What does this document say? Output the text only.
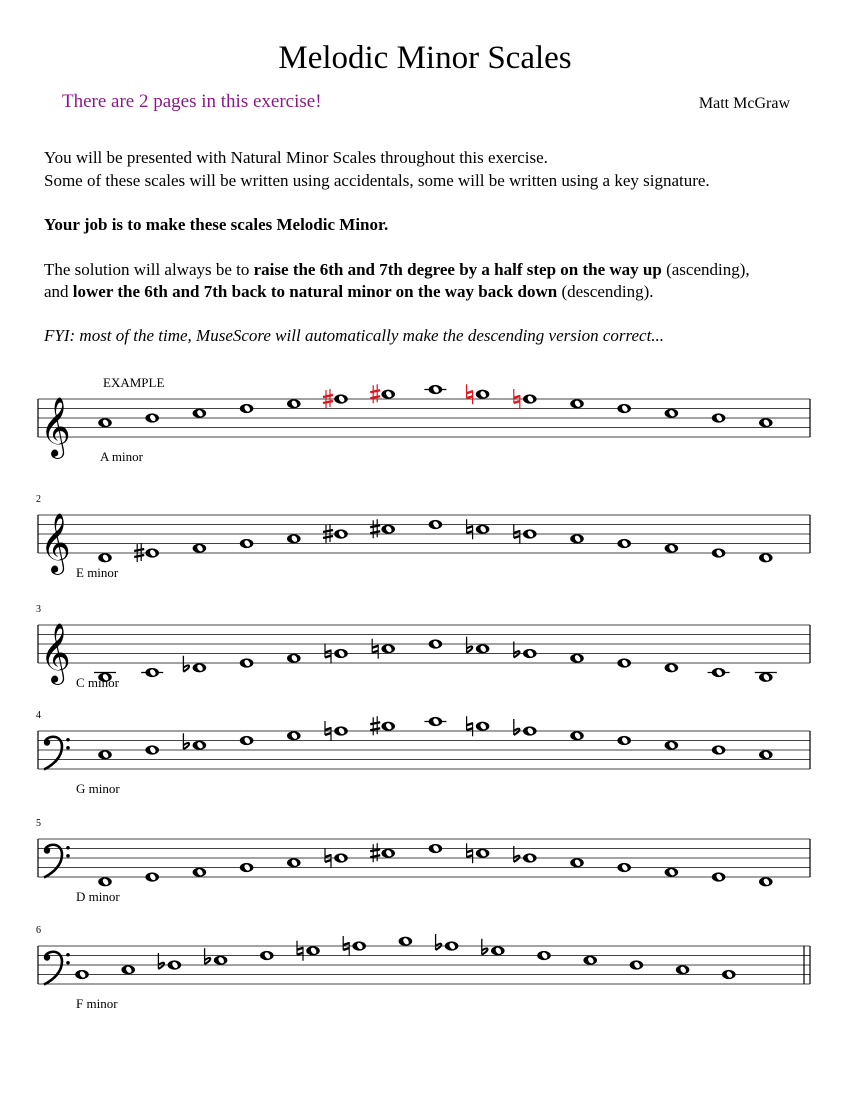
Melodic Minor Scales
There are 2 pages in this exercise!	Matt McGraw
You will be presented with Natural Minor Scales throughout this exercise.
Some of these scales will be written using accidentals, some will be written using a key signature.
Your job is to make these scales Melodic Minor.
The solution will always be to raise the 6th and 7th degree by a half step on the way up (ascending),
and lower the 6th and 7th back to natural minor on the way back down (descending).
FYI: most of the time, MuseScore will automatically make the descending version correct...
𝄞 A minor
EXAMPLE
𝄞 E minor
2
𝄞 C minor
3
G minor
4
D minor
5
F minor
6
